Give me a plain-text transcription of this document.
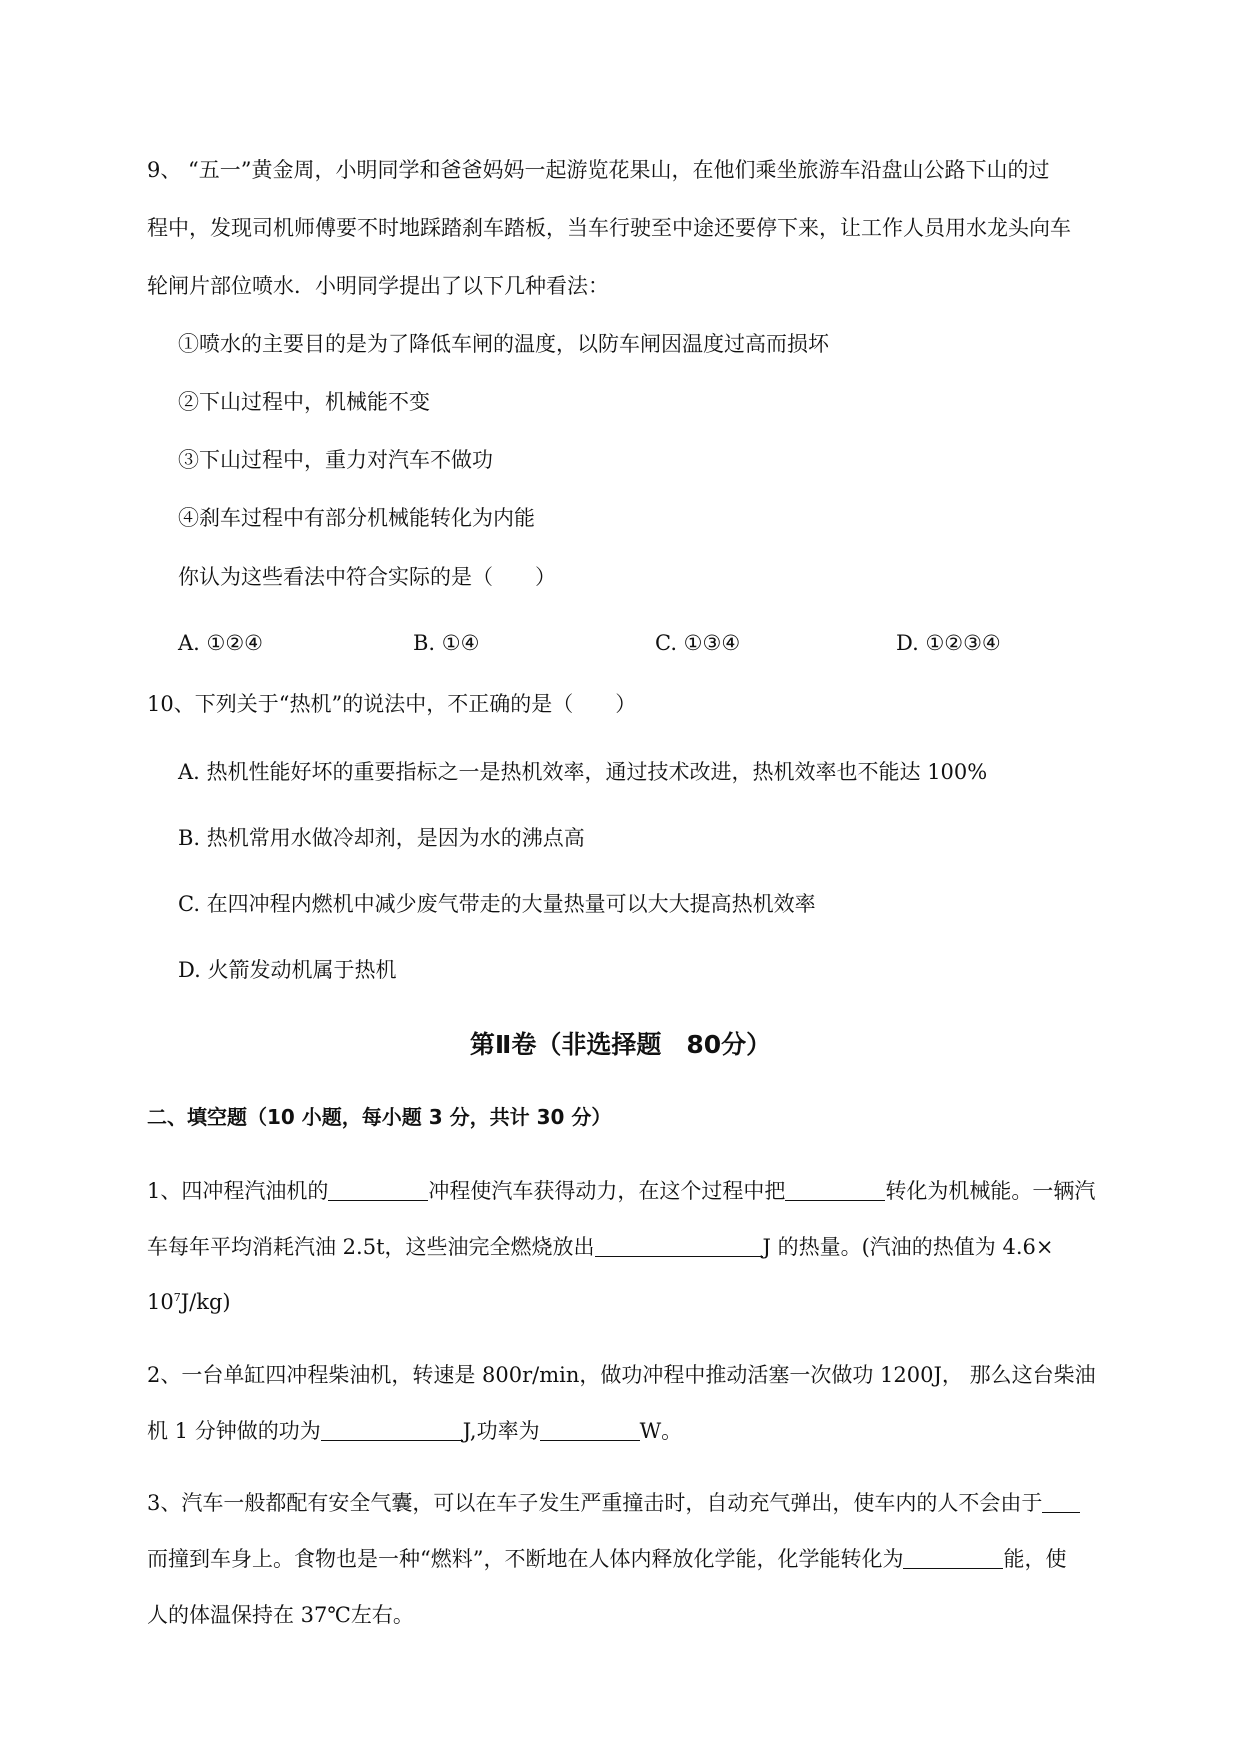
9、 “五一”黄金周，小明同学和爸爸妈妈一起游览花果山，在他们乘坐旅游车沿盘山公路下山的过
程中，发现司机师傅要不时地踩踏刹车踏板，当车行驶至中途还要停下来，让工作人员用水龙头向车
轮闸片部位喷水．小明同学提出了以下几种看法：
①喷水的主要目的是为了降低车闸的温度，以防车闸因温度过高而损坏
②下山过程中，机械能不变
③下山过程中，重力对汽车不做功
④刹车过程中有部分机械能转化为内能
你认为这些看法中符合实际的是（　　）
A. ①②④	B. ①④	C. ①③④	D. ①②③④
10、下列关于“热机”的说法中，不正确的是（　　）
A. 热机性能好坏的重要指标之一是热机效率，通过技术改进，热机效率也不能达 100%
B. 热机常用水做冷却剂，是因为水的沸点高
C. 在四冲程内燃机中减少废气带走的大量热量可以大大提高热机效率
D. 火箭发动机属于热机
第Ⅱ卷（非选择题　80分）
二、填空题（10 小题，每小题 3 分，共计 30 分）
1、四冲程汽油机的	冲程使汽车获得动力，在这个过程中把	转化为机械能。一辆汽
车每年平均消耗汽油 2.5t，这些油完全燃烧放出	J 的热量。(汽油的热值为 4.6×
$10^7J/kg$)
2、一台单缸四冲程柴油机，转速是 800r/min，做功冲程中推动活塞一次做功 1200J， 那么这台柴油
机 1 分钟做的功为	J,功率为	W。
3、汽车一般都配有安全气囊，可以在车子发生严重撞击时，自动充气弹出，使车内的人不会由于
而撞到车身上。食物也是一种“燃料”，不断地在人体内释放化学能，化学能转化为	能，使
人的体温保持在 37℃左右。
